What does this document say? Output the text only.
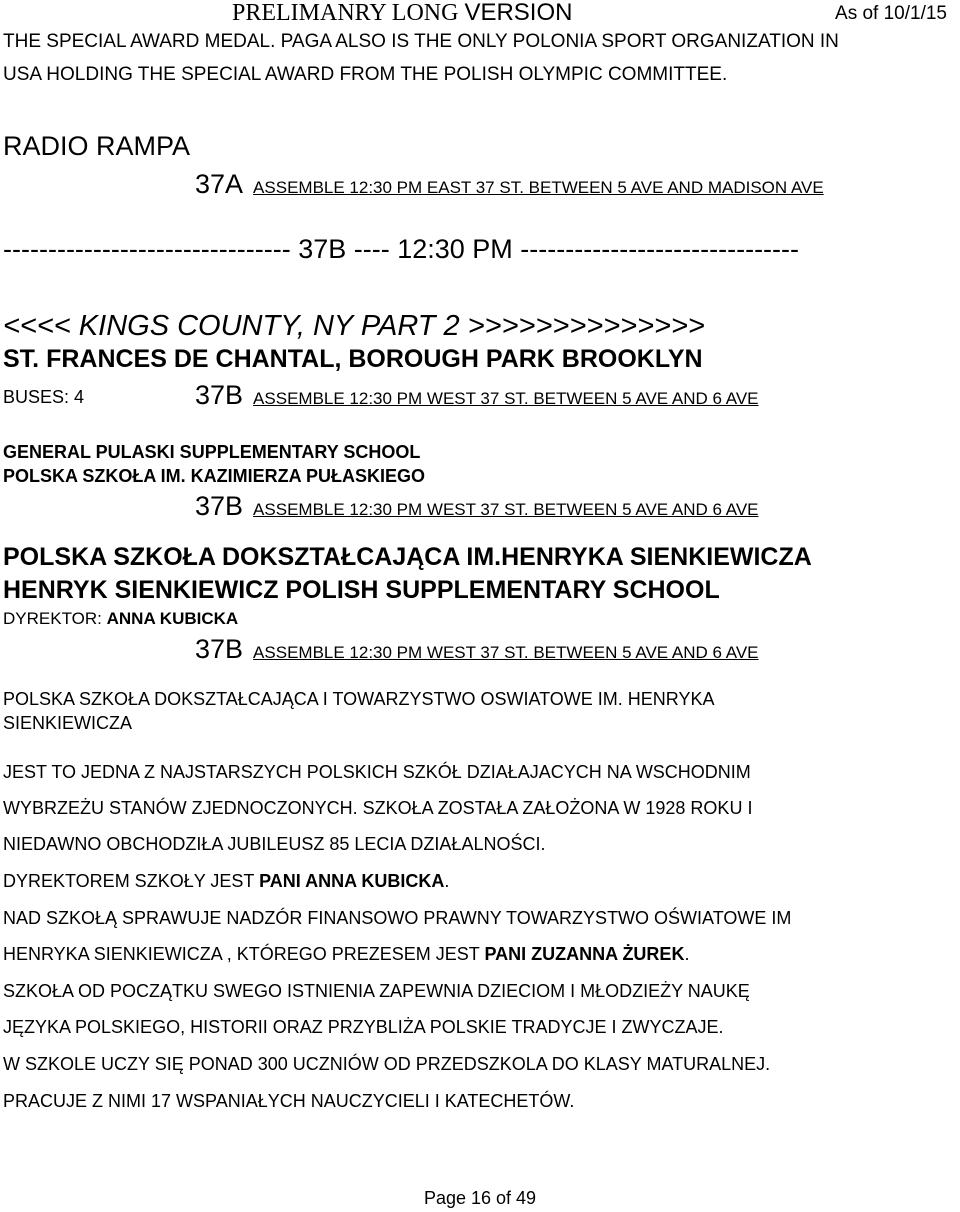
PRELIMANRY LONG VERSION	As of 10/1/15
THE SPECIAL AWARD MEDAL. PAGA ALSO IS THE ONLY POLONIA SPORT ORGANIZATION IN
USA HOLDING THE SPECIAL AWARD FROM THE POLISH OLYMPIC COMMITTEE.
RADIO RAMPA
37A ASSEMBLE 12:30 PM EAST 37 ST. BETWEEN 5 AVE AND MADISON AVE
-------------------------------- 37B ---- 12:30 PM -------------------------------
<<<< KINGS COUNTY, NY PART 2 >>>>>>>>>>>>>>
ST. FRANCES DE CHANTAL, BOROUGH PARK BROOKLYN
BUSES: 4	37B ASSEMBLE 12:30 PM WEST 37 ST. BETWEEN 5 AVE AND 6 AVE
GENERAL PULASKI SUPPLEMENTARY SCHOOL
POLSKA SZKOŁA IM. KAZIMIERZA PUŁASKIEGO
37B ASSEMBLE 12:30 PM WEST 37 ST. BETWEEN 5 AVE AND 6 AVE
POLSKA SZKOŁA DOKSZTAŁCAJĄCA IM.HENRYKA SIENKIEWICZA
HENRYK SIENKIEWICZ POLISH SUPPLEMENTARY SCHOOL
DYREKTOR: ANNA KUBICKA
37B ASSEMBLE 12:30 PM WEST 37 ST. BETWEEN 5 AVE AND 6 AVE
POLSKA SZKOŁA DOKSZTAŁCAJĄCA I TOWARZYSTWO OSWIATOWE IM. HENRYKA
SIENKIEWICZA
JEST TO JEDNA Z NAJSTARSZYCH POLSKICH SZKÓŁ DZIAŁAJACYCH NA WSCHODNIM
WYBRZEŻU STANÓW ZJEDNOCZONYCH. SZKOŁA ZOSTAŁA ZAŁOŻONA W 1928 ROKU I
NIEDAWNO OBCHODZIŁA JUBILEUSZ 85 LECIA DZIAŁALNOŚCI.
DYREKTOREM SZKOŁY JEST PANI ANNA KUBICKA.
NAD SZKOŁĄ SPRAWUJE NADZÓR FINANSOWO PRAWNY TOWARZYSTWO OŚWIATOWE IM
HENRYKA SIENKIEWICZA , KTÓREGO PREZESEM JEST PANI ZUZANNA ŻUREK.
SZKOŁA OD POCZĄTKU SWEGO ISTNIENIA ZAPEWNIA DZIECIOM I MŁODZIEŻY NAUKĘ
JĘZYKA POLSKIEGO, HISTORII ORAZ PRZYBLIŻA POLSKIE TRADYCJE I ZWYCZAJE.
W SZKOLE UCZY SIĘ PONAD 300 UCZNIÓW OD PRZEDSZKOLA DO KLASY MATURALNEJ.
PRACUJE Z NIMI 17 WSPANIAŁYCH NAUCZYCIELI I KATECHETÓW.
Page 16 of 49
